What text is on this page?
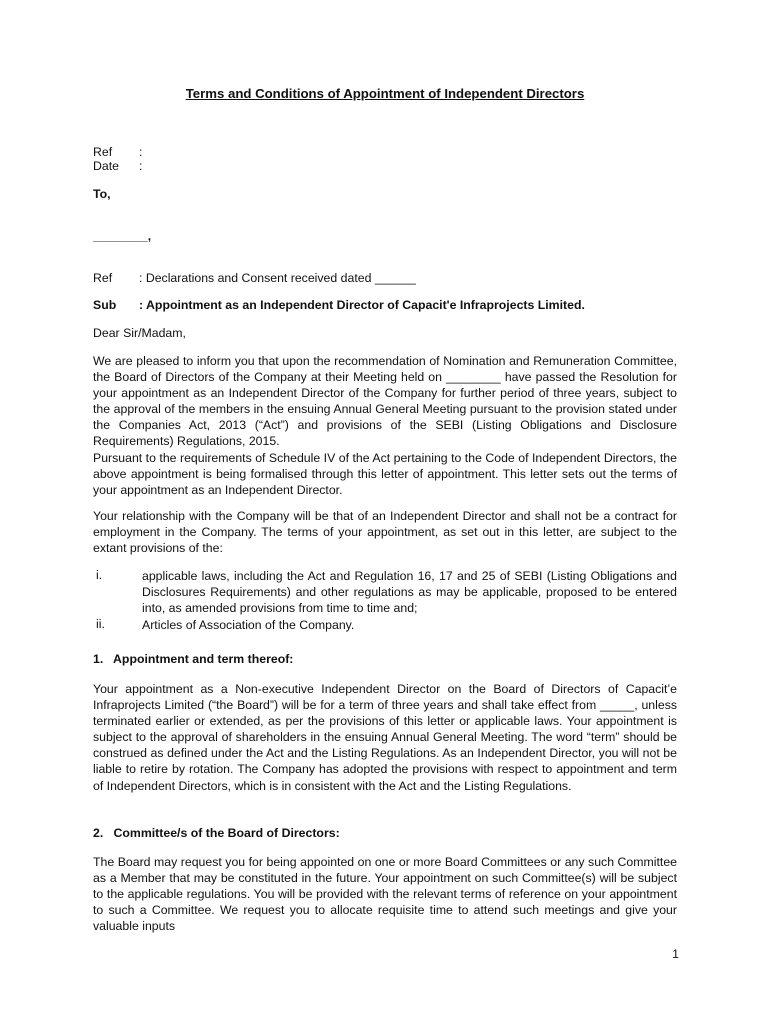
Terms and Conditions of Appointment of Independent Directors
Ref :
Date :
To,
________,
Ref : Declarations and Consent received dated ______
Sub : Appointment as an Independent Director of Capacit'e Infraprojects Limited.
Dear Sir/Madam,
We are pleased to inform you that upon the recommendation of Nomination and Remuneration Committee, the Board of Directors of the Company at their Meeting held on ________ have passed the Resolution for your appointment as an Independent Director of the Company for further period of three years, subject to the approval of the members in the ensuing Annual General Meeting pursuant to the provision stated under the Companies Act, 2013 (“Act”) and provisions of the SEBI (Listing Obligations and Disclosure Requirements) Regulations, 2015.
Pursuant to the requirements of Schedule IV of the Act pertaining to the Code of Independent Directors, the above appointment is being formalised through this letter of appointment. This letter sets out the terms of your appointment as an Independent Director.
Your relationship with the Company will be that of an Independent Director and shall not be a contract for employment in the Company. The terms of your appointment, as set out in this letter, are subject to the extant provisions of the:
i.	applicable laws, including the Act and Regulation 16, 17 and 25 of SEBI (Listing Obligations and Disclosures Requirements) and other regulations as may be applicable, proposed to be entered into, as amended provisions from time to time and;
ii.	Articles of Association of the Company.
1.   Appointment and term thereof:
Your appointment as a Non-executive Independent Director on the Board of Directors of Capacit’e Infraprojects Limited (“the Board”) will be for a term of three years and shall take effect from _____, unless terminated earlier or extended, as per the provisions of this letter or applicable laws. Your appointment is subject to the approval of shareholders in the ensuing Annual General Meeting. The word “term” should be construed as defined under the Act and the Listing Regulations. As an Independent Director, you will not be liable to retire by rotation. The Company has adopted the provisions with respect to appointment and term of Independent Directors, which is in consistent with the Act and the Listing Regulations.
2.   Committee/s of the Board of Directors:
The Board may request you for being appointed on one or more Board Committees or any such Committee as a Member that may be constituted in the future. Your appointment on such Committee(s) will be subject to the applicable regulations. You will be provided with the relevant terms of reference on your appointment to such a Committee. We request you to allocate requisite time to attend such meetings and give your valuable inputs
1
